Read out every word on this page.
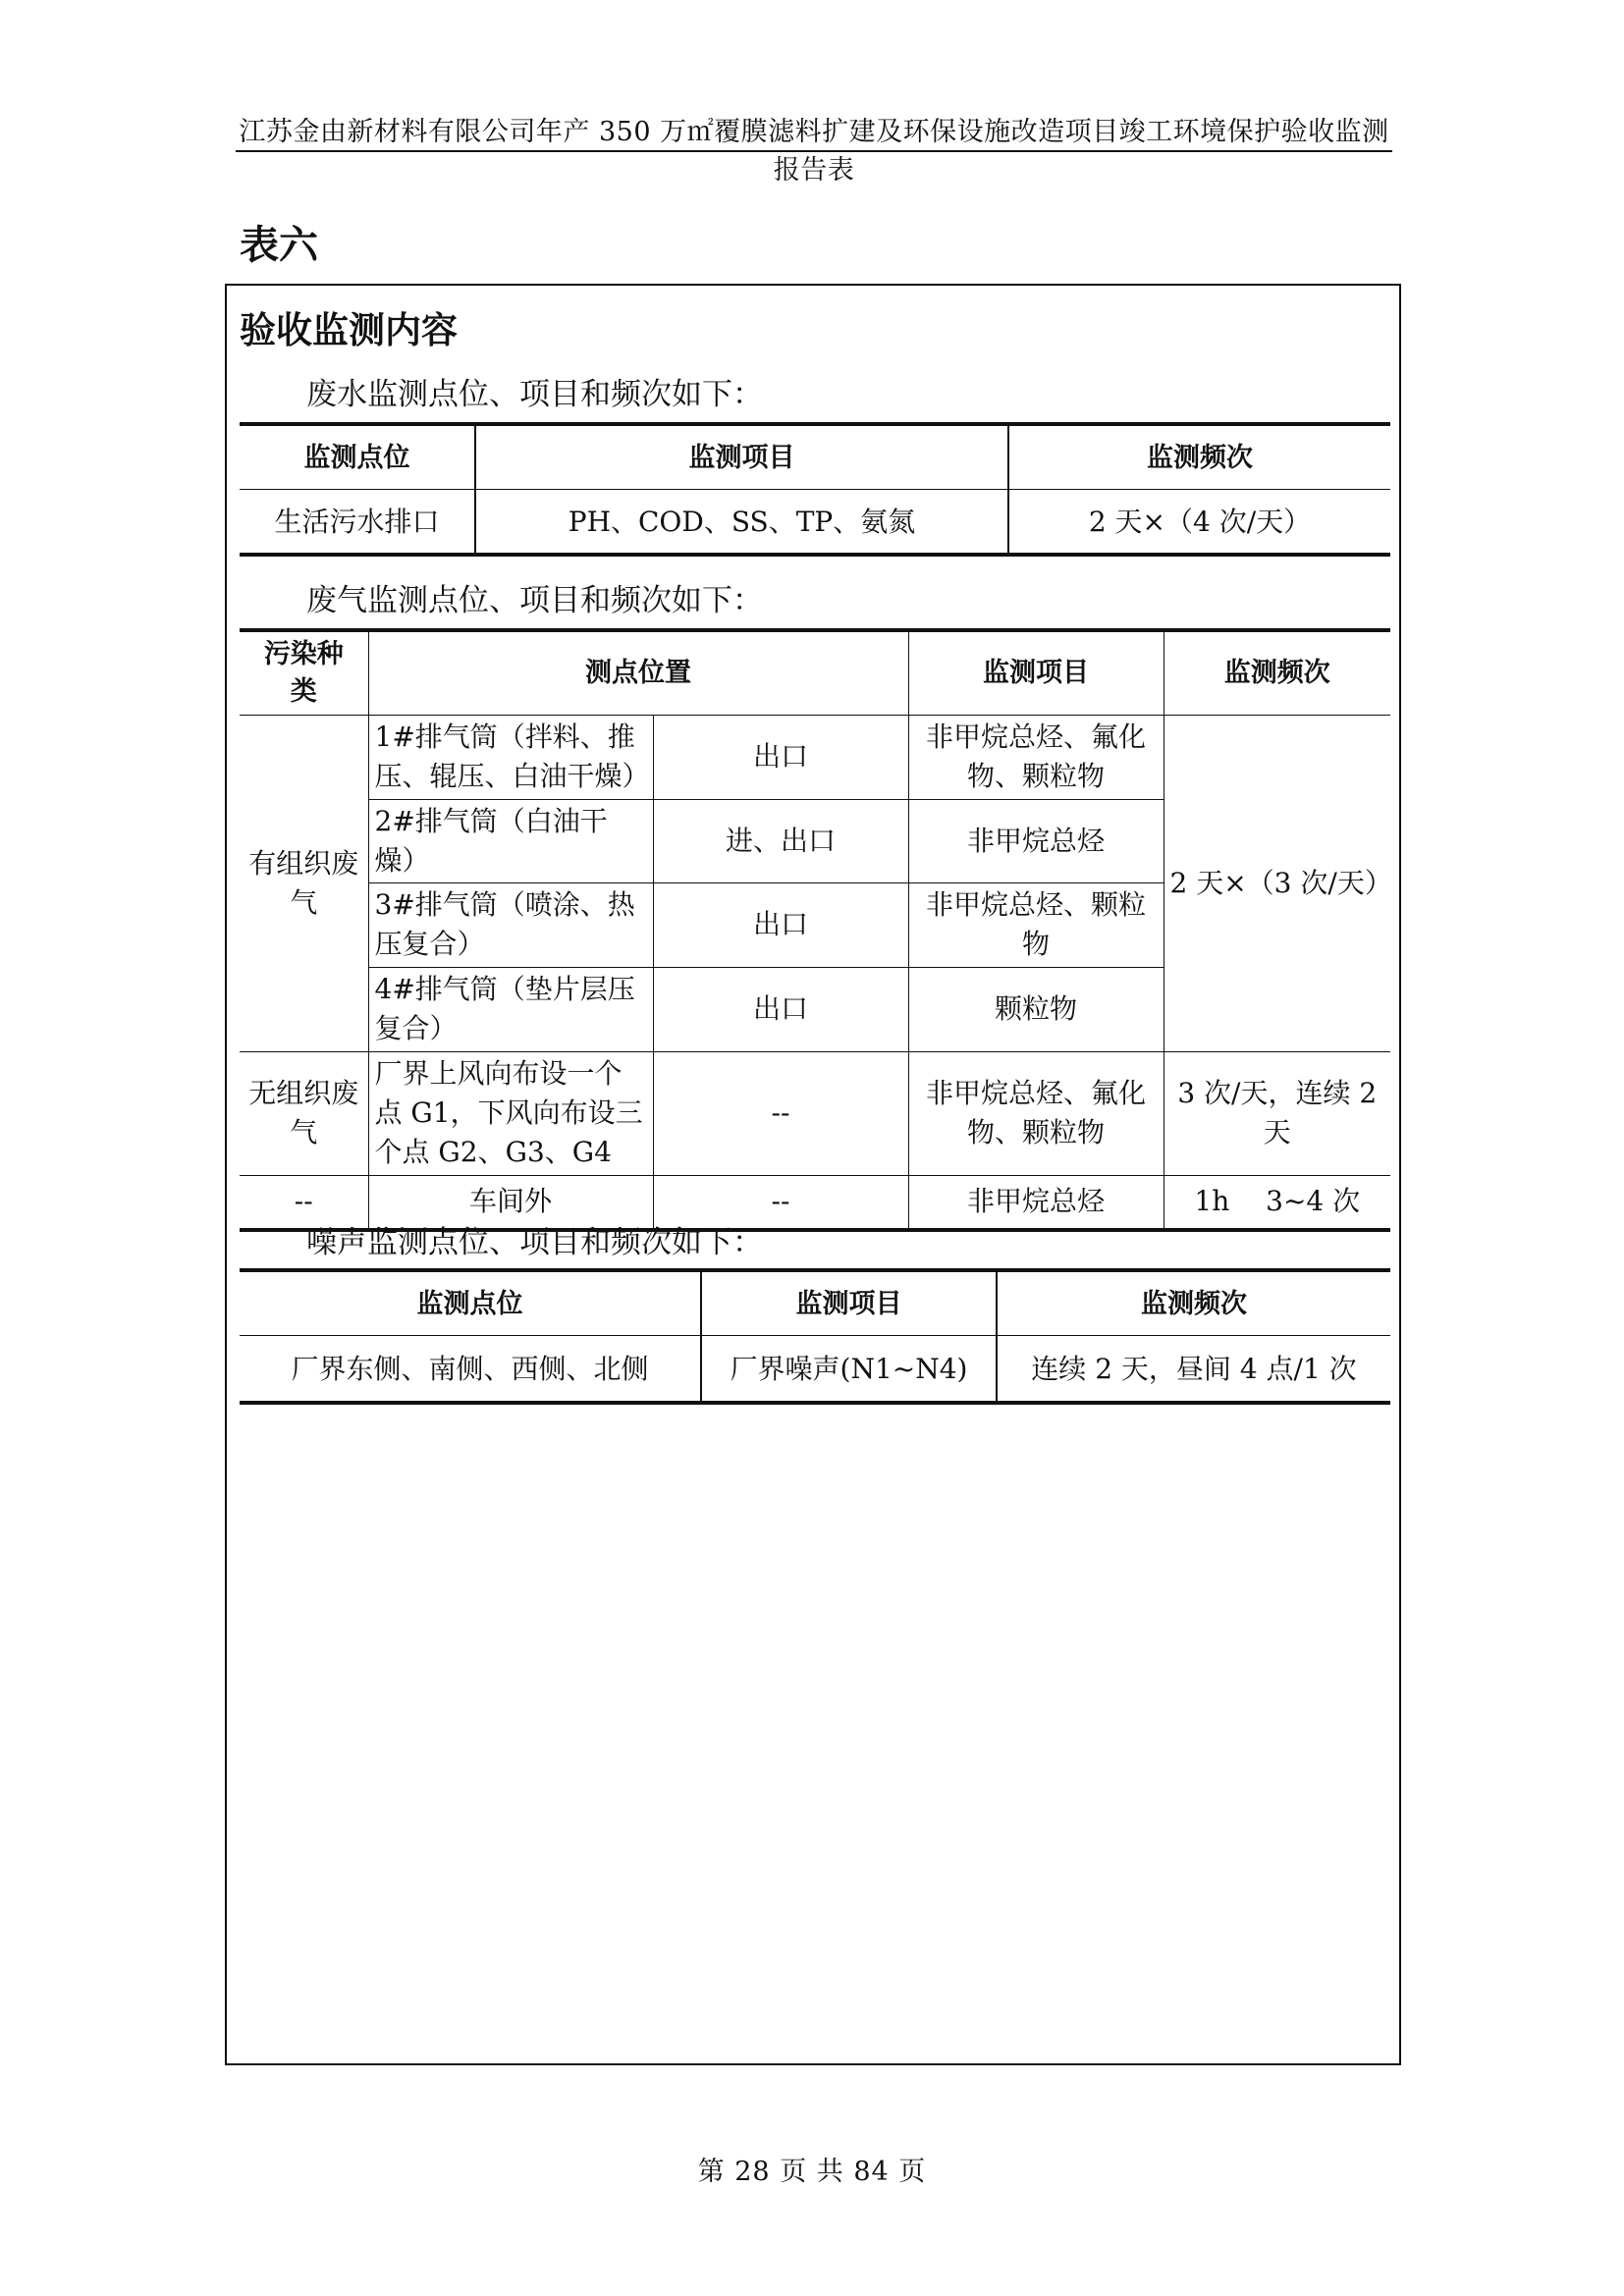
江苏金由新材料有限公司年产 350 万㎡覆膜滤料扩建及环保设施改造项目竣工环境保护验收监测报告表
表六
验收监测内容
废水监测点位、项目和频次如下：
监测点位	监测项目	监测频次
生活污水排口	PH、COD、SS、TP、氨氮	2 天×（4 次/天）
废气监测点位、项目和频次如下：
污染种类	测点位置		监测项目	监测频次
有组织废气	1#排气筒（拌料、推压、辊压、白油干燥）	出口	非甲烷总烃、氟化物、颗粒物	2 天×（3 次/天）
	2#排气筒（白油干燥）	进、出口	非甲烷总烃	
	3#排气筒（喷涂、热压复合）	出口	非甲烷总烃、颗粒物	
	4#排气筒（垫片层压复合）	出口	颗粒物	
无组织废气	厂界上风向布设一个点 G1，下风向布设三个点 G2、G3、G4	--	非甲烷总烃、氟化物、颗粒物	3 次/天，连续 2 天
--	车间外	--	非甲烷总烃	1h　 3~4 次
噪声监测点位、项目和频次如下：
监测点位	监测项目	监测频次
厂界东侧、南侧、西侧、北侧	厂界噪声(N1~N4)	连续 2 天，昼间 4 点/1 次
第 28 页 共 84 页
